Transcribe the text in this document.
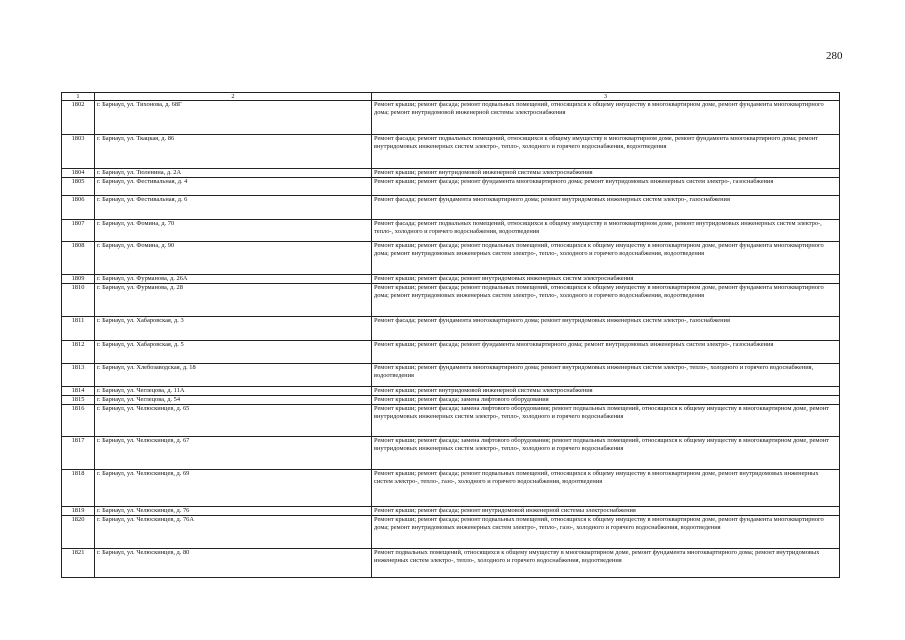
280
1	2	3
1802	г. Барнаул, ул. Тихонова, д. 68Г	Ремонт крыши; ремонт фасада; ремонт подвальных помещений, относящихся к общему имуществу в многоквартирном доме, ремонт фундамента многоквартирного дома; ремонт внутридомовой инженерной системы электроснабжения
1803	г. Барнаул, ул. Ткацкая, д. 86	Ремонт фасада; ремонт подвальных помещений, относящихся к общему имуществу в многоквартирном доме, ремонт фундамента многоквартирного дома; ремонт внутридомовых инженерных систем электро-, тепло-, холодного и горячего водоснабжения, водоотведения
1804	г. Барнаул, ул. Тюленина, д. 2А	Ремонт крыши; ремонт внутридомовой инженерной системы электроснабжения
1805	г. Барнаул, ул. Фестивальная, д. 4	Ремонт крыши; ремонт фасада; ремонт фундамента многоквартирного дома; ремонт внутридомовых инженерных систем электро-, газоснабжения
1806	г. Барнаул, ул. Фестивальная, д. 6	Ремонт фасада; ремонт фундамента многоквартирного дома; ремонт внутридомовых инженерных систем электро-, газоснабжения
1807	г. Барнаул, ул. Фомина, д. 70	Ремонт фасада; ремонт подвальных помещений, относящихся к общему имуществу в многоквартирном доме, ремонт внутридомовых инженерных систем электро-, тепло-, холодного и горячего водоснабжения, водоотведения
1808	г. Барнаул, ул. Фомина, д. 90	Ремонт крыши; ремонт фасада; ремонт подвальных помещений, относящихся к общему имуществу в многоквартирном доме, ремонт фундамента многоквартирного дома; ремонт внутридомовых инженерных систем электро-, тепло-, холодного и горячего водоснабжения, водоотведения
1809	г. Барнаул, ул. Фурманова, д. 26А	Ремонт крыши; ремонт фасада; ремонт внутридомовых инженерных систем электроснабжения
1810	г. Барнаул, ул. Фурманова, д. 28	Ремонт крыши; ремонт фасада; ремонт подвальных помещений, относящихся к общему имуществу в многоквартирном доме, ремонт фундамента многоквартирного дома; ремонт внутридомовых инженерных систем электро-, тепло-, холодного и горячего водоснабжения, водоотведения
1811	г. Барнаул, ул. Хабаровская, д. 3	Ремонт фасада; ремонт фундамента многоквартирного дома; ремонт внутридомовых инженерных систем электро-, газоснабжения
1812	г. Барнаул, ул. Хабаровская, д. 5	Ремонт крыши; ремонт фасада; ремонт фундамента многоквартирного дома; ремонт внутридомовых инженерных систем электро-, газоснабжения
1813	г. Барнаул, ул. Хлебозаводская, д. 18	Ремонт крыши; ремонт фундамента многоквартирного дома; ремонт внутридомовых инженерных систем электро-, тепло-, холодного и горячего водоснабжения, водоотведения
1814	г. Барнаул, ул. Чеглецова, д. 11А	Ремонт крыши; ремонт внутридомовой инженерной системы электроснабжения
1815	г. Барнаул, ул. Чеглецова, д. 54	Ремонт крыши; ремонт фасада; замена лифтового оборудования
1816	г. Барнаул, ул. Челюскинцев, д. 65	Ремонт крыши; ремонт фасада; замена лифтового оборудования; ремонт подвальных помещений, относящихся к общему имуществу в многоквартирном доме, ремонт внутридомовых инженерных систем электро-, тепло-, холодного и горячего водоснабжения
1817	г. Барнаул, ул. Челюскинцев, д. 67	Ремонт крыши; ремонт фасада; замена лифтового оборудования; ремонт подвальных помещений, относящихся к общему имуществу в многоквартирном доме, ремонт внутридомовых инженерных систем электро-, тепло-, холодного и горячего водоснабжения
1818	г. Барнаул, ул. Челюскинцев, д. 69	Ремонт крыши; ремонт фасада; ремонт подвальных помещений, относящихся к общему имуществу в многоквартирном доме, ремонт внутридомовых инженерных систем электро-, тепло-, газо-, холодного и горячего водоснабжения, водоотведения
1819	г. Барнаул, ул. Челюскинцев, д. 76	Ремонт крыши; ремонт фасада; ремонт внутридомовой инженерной системы электроснабжения
1820	г. Барнаул, ул. Челюскинцев, д. 76А	Ремонт крыши; ремонт фасада; ремонт подвальных помещений, относящихся к общему имуществу в многоквартирном доме, ремонт фундамента многоквартирного дома; ремонт внутридомовых инженерных систем электро-, тепло-, газо-, холодного и горячего водоснабжения, водоотведения
1821	г. Барнаул, ул. Челюскинцев, д. 80	Ремонт подвальных помещений, относящихся к общему имуществу в многоквартирном доме, ремонт фундамента многоквартирного дома; ремонт внутридомовых инженерных систем электро-, тепло-, холодного и горячего водоснабжения, водоотведения
